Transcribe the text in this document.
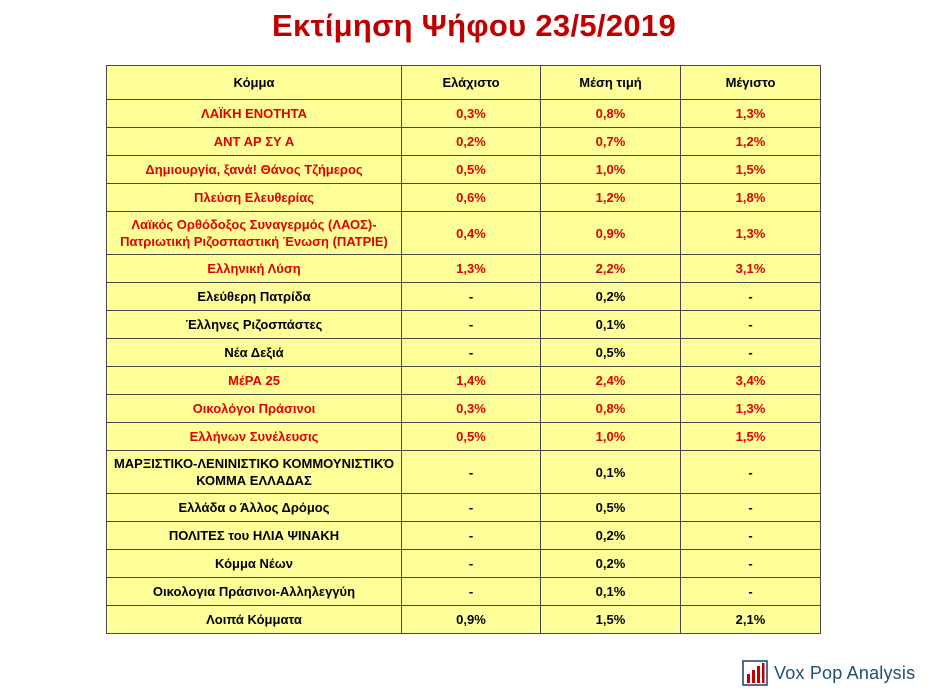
Εκτίμηση Ψήφου 23/5/2019
Κόμμα	Ελάχιστο	Μέση τιμή	Μέγιστο
ΛΑΪΚΗ ΕΝΟΤΗΤΑ	0,3%	0,8%	1,3%
ΑΝΤ ΑΡ ΣΥ Α	0,2%	0,7%	1,2%
Δημιουργία, ξανά! Θάνος Τζήμερος	0,5%	1,0%	1,5%
Πλεύση Ελευθερίας	0,6%	1,2%	1,8%
Λαϊκός Ορθόδοξος Συναγερμός (ΛΑΟΣ)-Πατριωτική Ριζοσπαστική Ένωση (ΠΑΤΡΙΕ)	0,4%	0,9%	1,3%
Ελληνική Λύση	1,3%	2,2%	3,1%
Ελεύθερη Πατρίδα	-	0,2%	-
Έλληνες Ριζοσπάστες	-	0,1%	-
Νέα Δεξιά	-	0,5%	-
ΜέΡΑ 25	1,4%	2,4%	3,4%
Οικολόγοι Πράσινοι	0,3%	0,8%	1,3%
Ελλήνων Συνέλευσις	0,5%	1,0%	1,5%
ΜΑΡΞΙΣΤΙΚΟ-ΛΕΝΙΝΙΣΤΙΚΟ ΚΟΜΜΟΥΝΙΣΤΙΚΌ ΚΟΜΜΑ ΕΛΛΑΔΑΣ	-	0,1%	-
Ελλάδα ο Άλλος Δρόμος	-	0,5%	-
ΠΟΛΙΤΕΣ του ΗΛΙΑ ΨΙΝΑΚΗ	-	0,2%	-
Κόμμα Νέων	-	0,2%	-
Οικολογια Πράσινοι-Αλληλεγγύη	-	0,1%	-
Λοιπά Κόμματα	0,9%	1,5%	2,1%
Vox Pop Analysis
